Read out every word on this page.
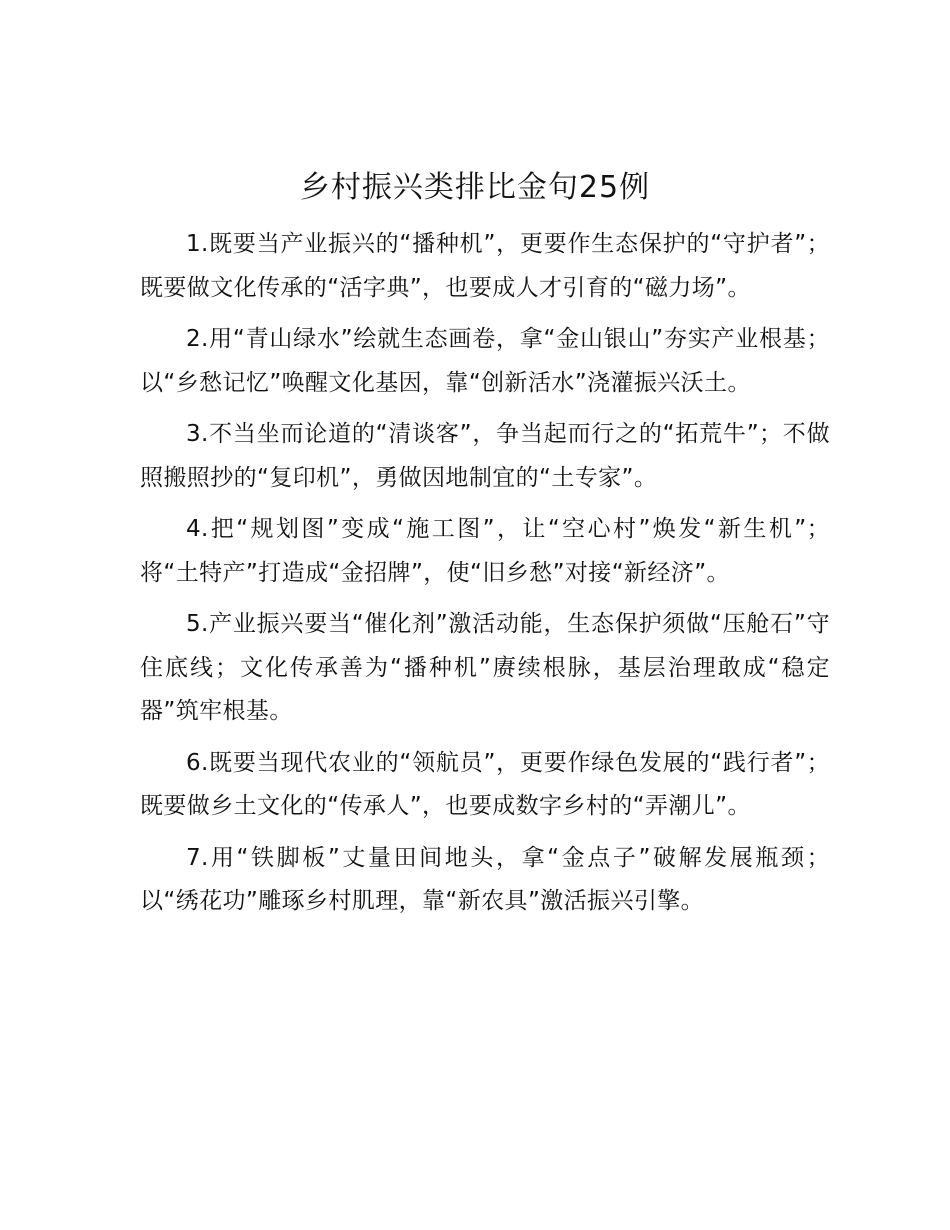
乡村振兴类排比金句25例

1.既要当产业振兴的“播种机”，更要作生态保护的“守护者”；既要做文化传承的“活字典”，也要成人才引育的“磁力场”。

2.用“青山绿水”绘就生态画卷，拿“金山银山”夯实产业根基；以“乡愁记忆”唤醒文化基因，靠“创新活水”浇灌振兴沃土。

3.不当坐而论道的“清谈客”，争当起而行之的“拓荒牛”；不做照搬照抄的“复印机”，勇做因地制宜的“土专家”。

4.把“规划图”变成“施工图”，让“空心村”焕发“新生机”；将“土特产”打造成“金招牌”，使“旧乡愁”对接“新经济”。

5.产业振兴要当“催化剂”激活动能，生态保护须做“压舱石”守住底线；文化传承善为“播种机”赓续根脉，基层治理敢成“稳定器”筑牢根基。

6.既要当现代农业的“领航员”，更要作绿色发展的“践行者”；既要做乡土文化的“传承人”，也要成数字乡村的“弄潮儿”。

7.用“铁脚板”丈量田间地头，拿“金点子”破解发展瓶颈；以“绣花功”雕琢乡村肌理，靠“新农具”激活振兴引擎。
